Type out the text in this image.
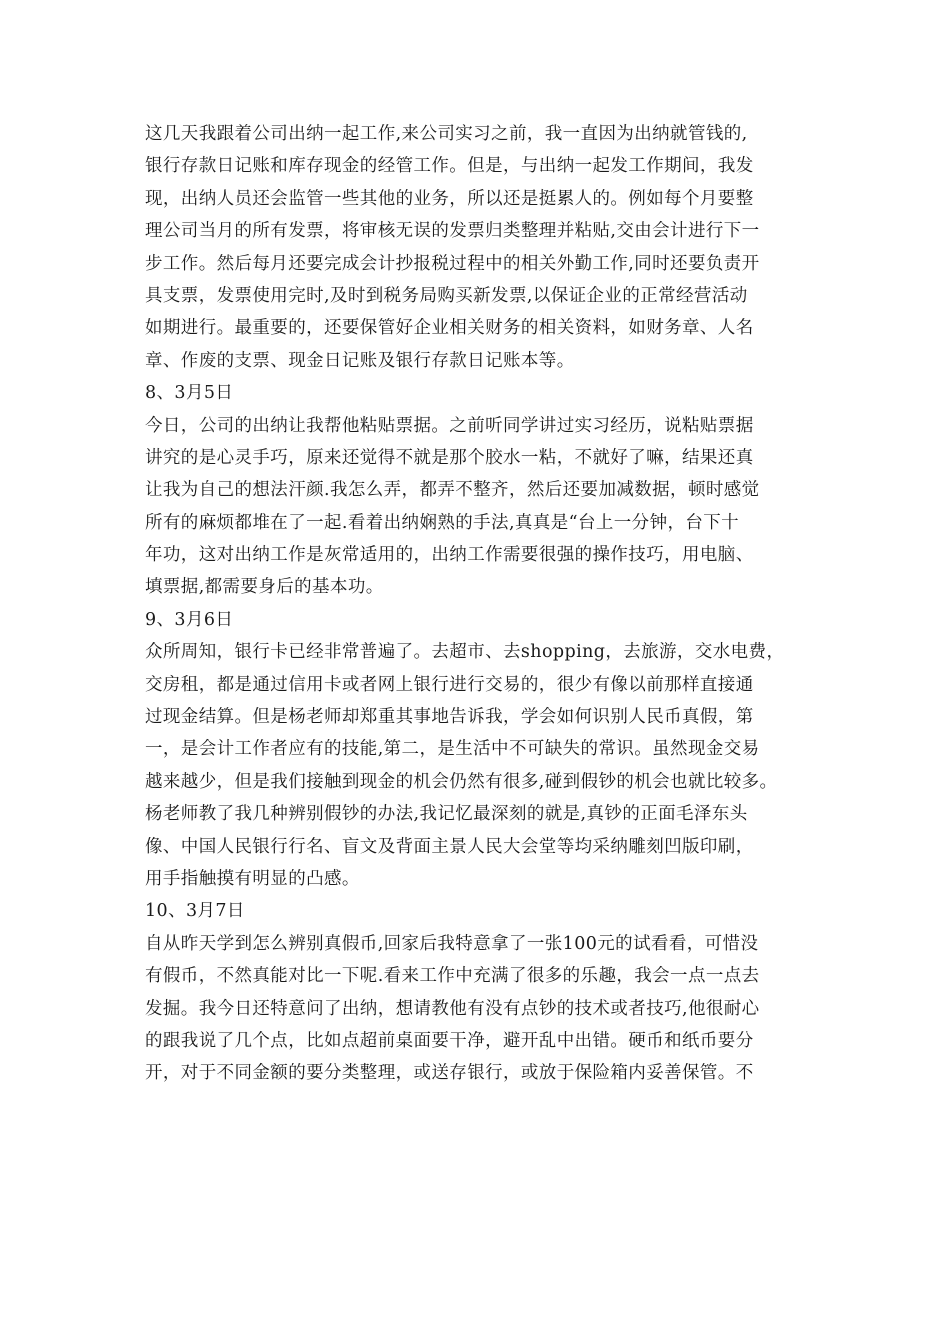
这几天我跟着公司出纳一起工作,来公司实习之前，我一直因为出纳就管钱的,
银行存款日记账和库存现金的经管工作。但是，与出纳一起发工作期间，我发
现，出纳人员还会监管一些其他的业务，所以还是挺累人的。例如每个月要整
理公司当月的所有发票，将审核无误的发票归类整理并粘贴,交由会计进行下一
步工作。然后每月还要完成会计抄报税过程中的相关外勤工作,同时还要负责开
具支票，发票使用完时,及时到税务局购买新发票,以保证企业的正常经营活动
如期进行。最重要的，还要保管好企业相关财务的相关资料，如财务章、人名
章、作废的支票、现金日记账及银行存款日记账本等。
8、3月5日
今日，公司的出纳让我帮他粘贴票据。之前听同学讲过实习经历，说粘贴票据
讲究的是心灵手巧，原来还觉得不就是那个胶水一粘，不就好了嘛，结果还真
让我为自己的想法汗颜.我怎么弄，都弄不整齐，然后还要加减数据，顿时感觉
所有的麻烦都堆在了一起.看着出纳娴熟的手法,真真是“台上一分钟，台下十
年功，这对出纳工作是灰常适用的，出纳工作需要很强的操作技巧，用电脑、
填票据,都需要身后的基本功。
9、3月6日
众所周知，银行卡已经非常普遍了。去超市、去shopping，去旅游，交水电费，
交房租，都是通过信用卡或者网上银行进行交易的，很少有像以前那样直接通
过现金结算。但是杨老师却郑重其事地告诉我，学会如何识别人民币真假，第
一，是会计工作者应有的技能,第二，是生活中不可缺失的常识。虽然现金交易
越来越少，但是我们接触到现金的机会仍然有很多,碰到假钞的机会也就比较多。
杨老师教了我几种辨别假钞的办法,我记忆最深刻的就是,真钞的正面毛泽东头
像、中国人民银行行名、盲文及背面主景人民大会堂等均采纳雕刻凹版印刷，
用手指触摸有明显的凸感。
10、3月7日
自从昨天学到怎么辨别真假币,回家后我特意拿了一张100元的试看看，可惜没
有假币，不然真能对比一下呢.看来工作中充满了很多的乐趣，我会一点一点去
发掘。我今日还特意问了出纳，想请教他有没有点钞的技术或者技巧,他很耐心
的跟我说了几个点，比如点超前桌面要干净，避开乱中出错。硬币和纸币要分
开，对于不同金额的要分类整理，或送存银行，或放于保险箱内妥善保管。不
